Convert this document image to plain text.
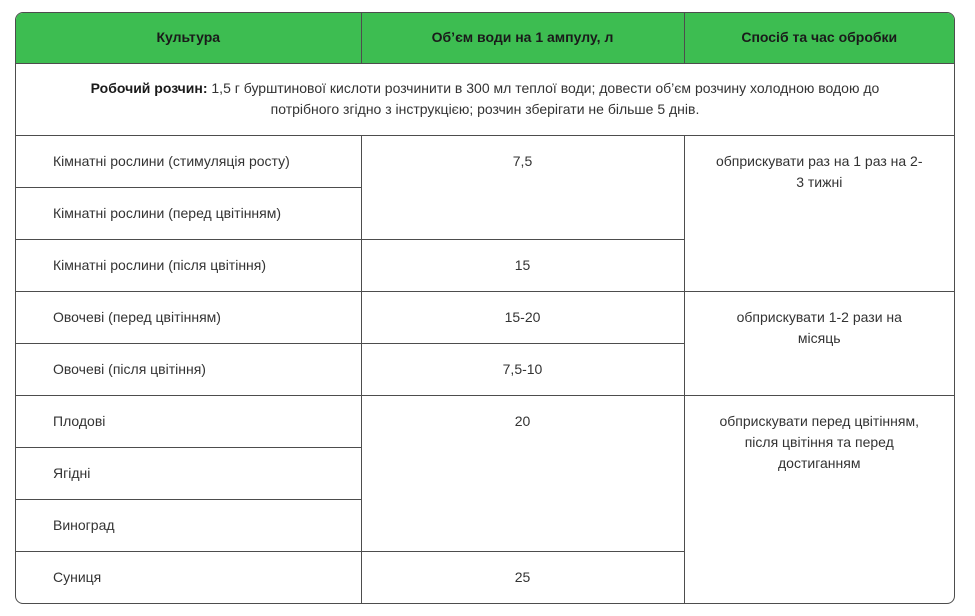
Культура	Об’єм води на 1 ампулу, л	Спосіб та час обробки
Робочий розчин: 1,5 г бурштинової кислоти розчинити в 300 мл теплої води; довести об’єм розчину холодною водою до потрібного згідно з інструкцією; розчин зберігати не більше 5 днів.		
Кімнатні рослини (стимуляція росту)	7,5	обприскувати раз на 1 раз на 2-3 тижні
Кімнатні рослини (перед цвітінням)		
Кімнатні рослини (після цвітіння)	15	
Овочеві (перед цвітінням)	15-20	обприскувати 1-2 рази на місяць
Овочеві (після цвітіння)	7,5-10	
Плодові	20	обприскувати перед цвітінням, після цвітіння та перед достиганням
Ягідні		
Виноград		
Суниця	25	
